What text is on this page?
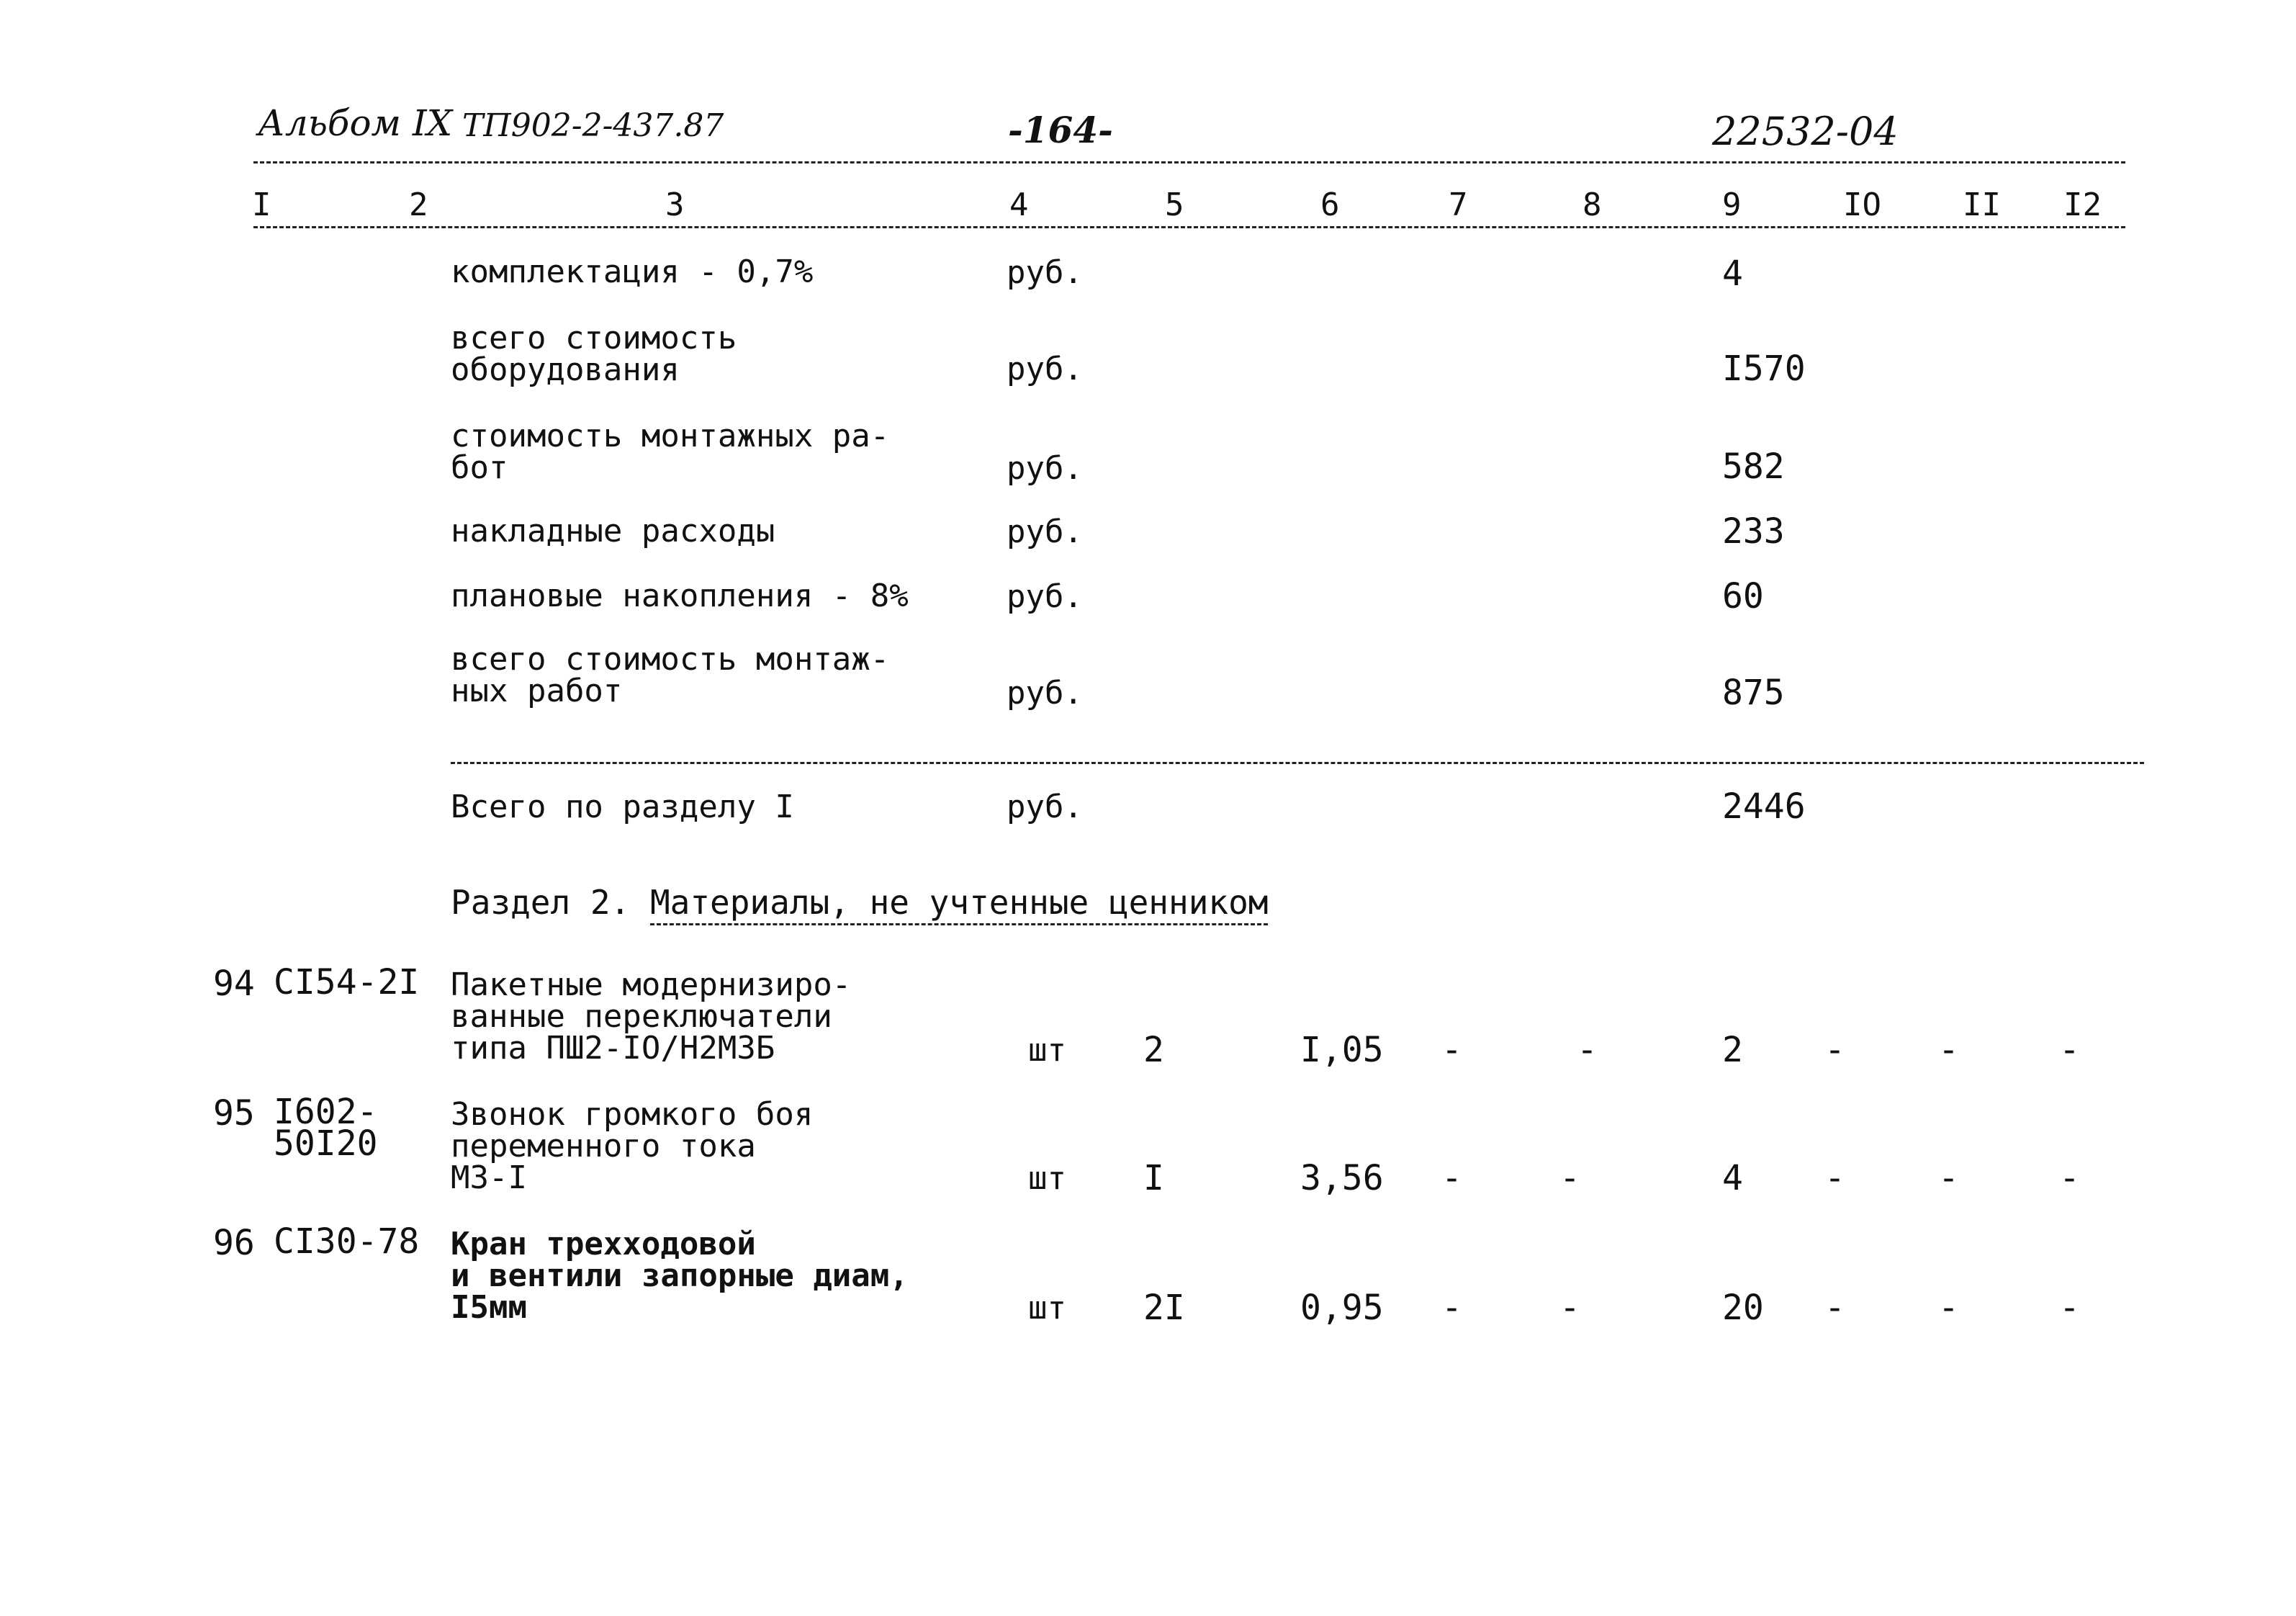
Альбом IX ТП902-2-437.87	-164-	22532-04
I	2	3	4	5	6	7	8	9	IO	II I2
комплектация - 0,7%	руб.	4
всего стоимость
оборудования	руб.	I570
стоимость монтажных ра-
бот	руб.	582
накладные расходы	руб.	233
плановые накопления - 8%	руб.	60
всего стоимость монтаж-
ных работ	руб.	875
Всего по разделу I	руб.	2446
Раздел 2. Материалы, не учтенные ценником
94 CI54-2I Пакетные модернизиро-
ванные переключатели
типа ПШ2-IO/Н2М3Б	шт 2	I,05 -	-	2 -	-	-
95 I602-
50I20
Звонок громкого боя
переменного тока
МЗ-I	шт I	3,56 -	-	4 -	-	-
96 CI30-78 Кран трехходовой
и вентили запорные диам,
I5мм	шт 2I	0,95 -	-	20 -	-	-
